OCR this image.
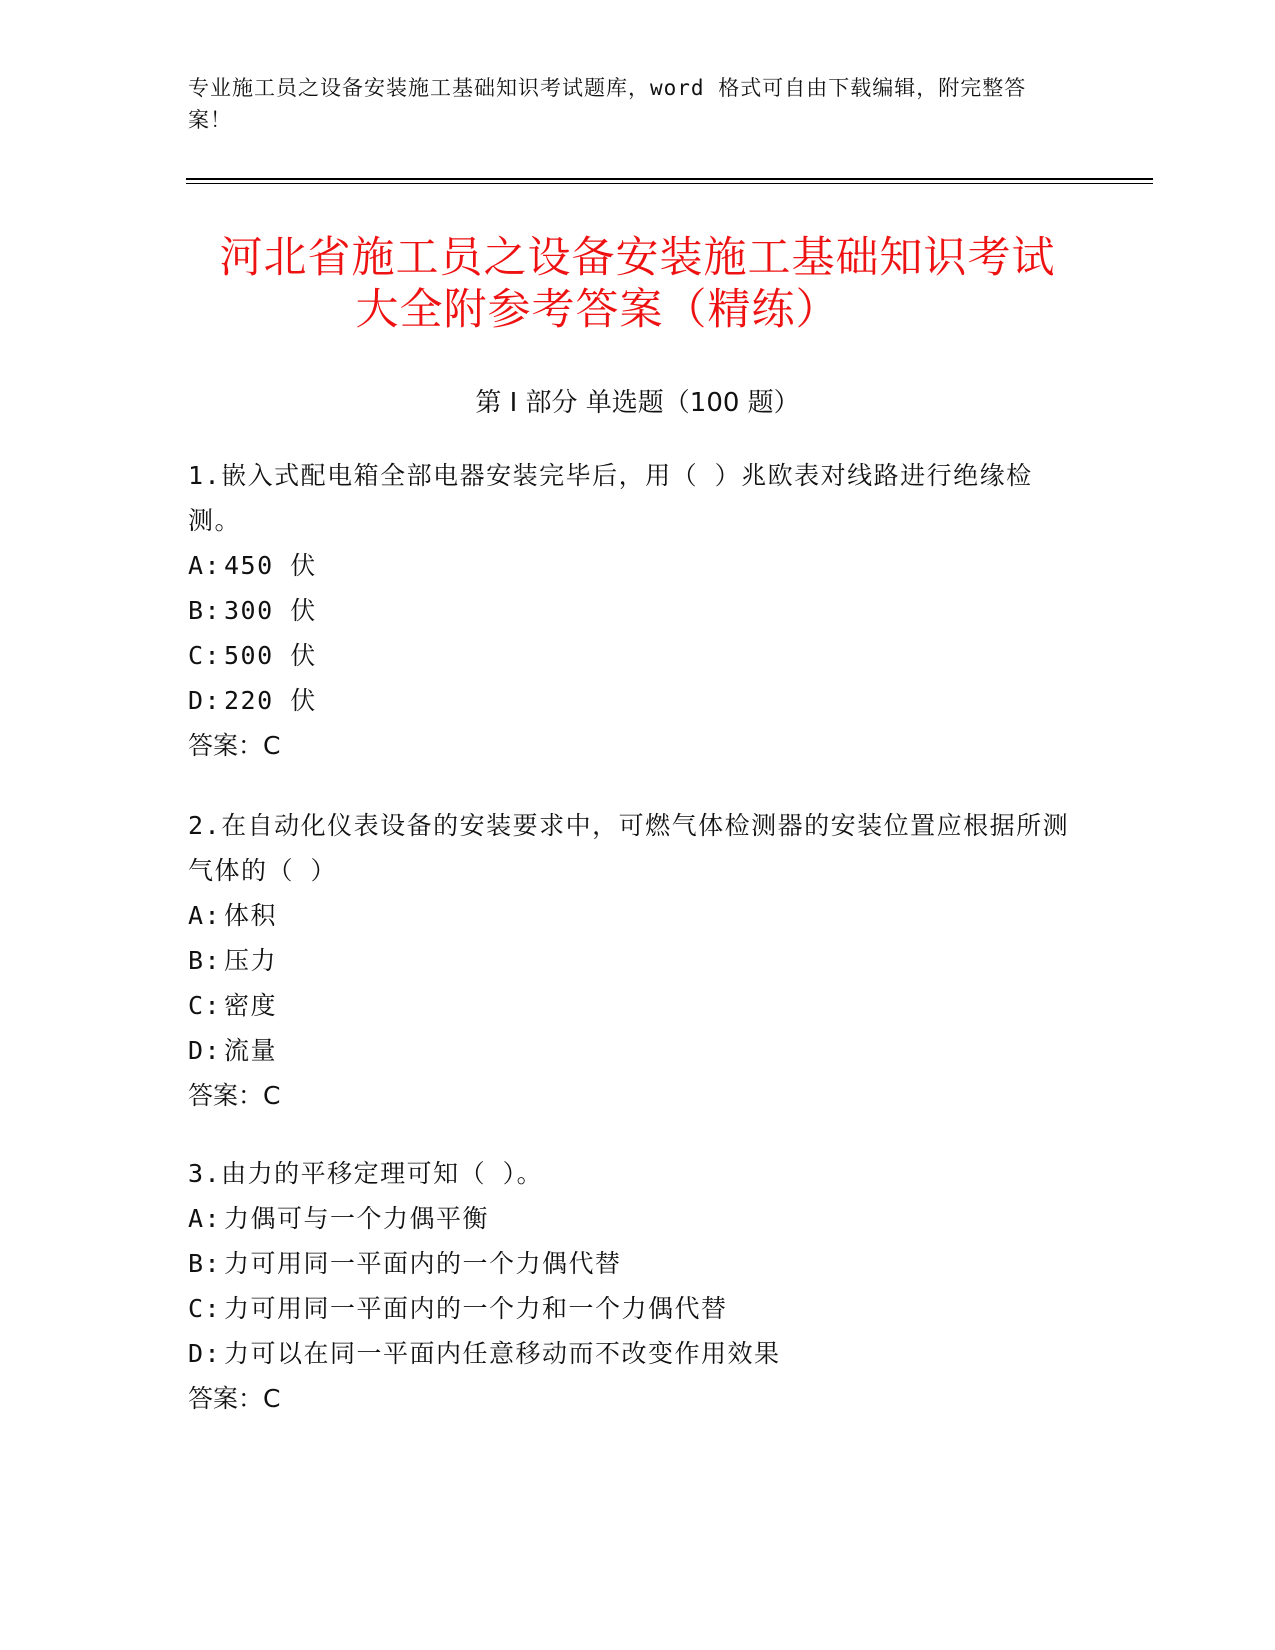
专业施工员之设备安装施工基础知识考试题库，word 格式可自由下载编辑，附完整答案！
河北省施工员之设备安装施工基础知识考试
大全附参考答案（精练）
第 I 部分 单选题（100 题）
1.嵌入式配电箱全部电器安装完毕后，用（ ）兆欧表对线路进行绝缘检测。
A: 450 伏
B: 300 伏
C: 500 伏
D: 220 伏
答案：C
2.在自动化仪表设备的安装要求中，可燃气体检测器的安装位置应根据所测气体的（ ）
A: 体积
B: 压力
C: 密度
D: 流量
答案：C
3.由力的平移定理可知（ ）。
A: 力偶可与一个力偶平衡
B: 力可用同一平面内的一个力偶代替
C: 力可用同一平面内的一个力和一个力偶代替
D: 力可以在同一平面内任意移动而不改变作用效果
答案：C
